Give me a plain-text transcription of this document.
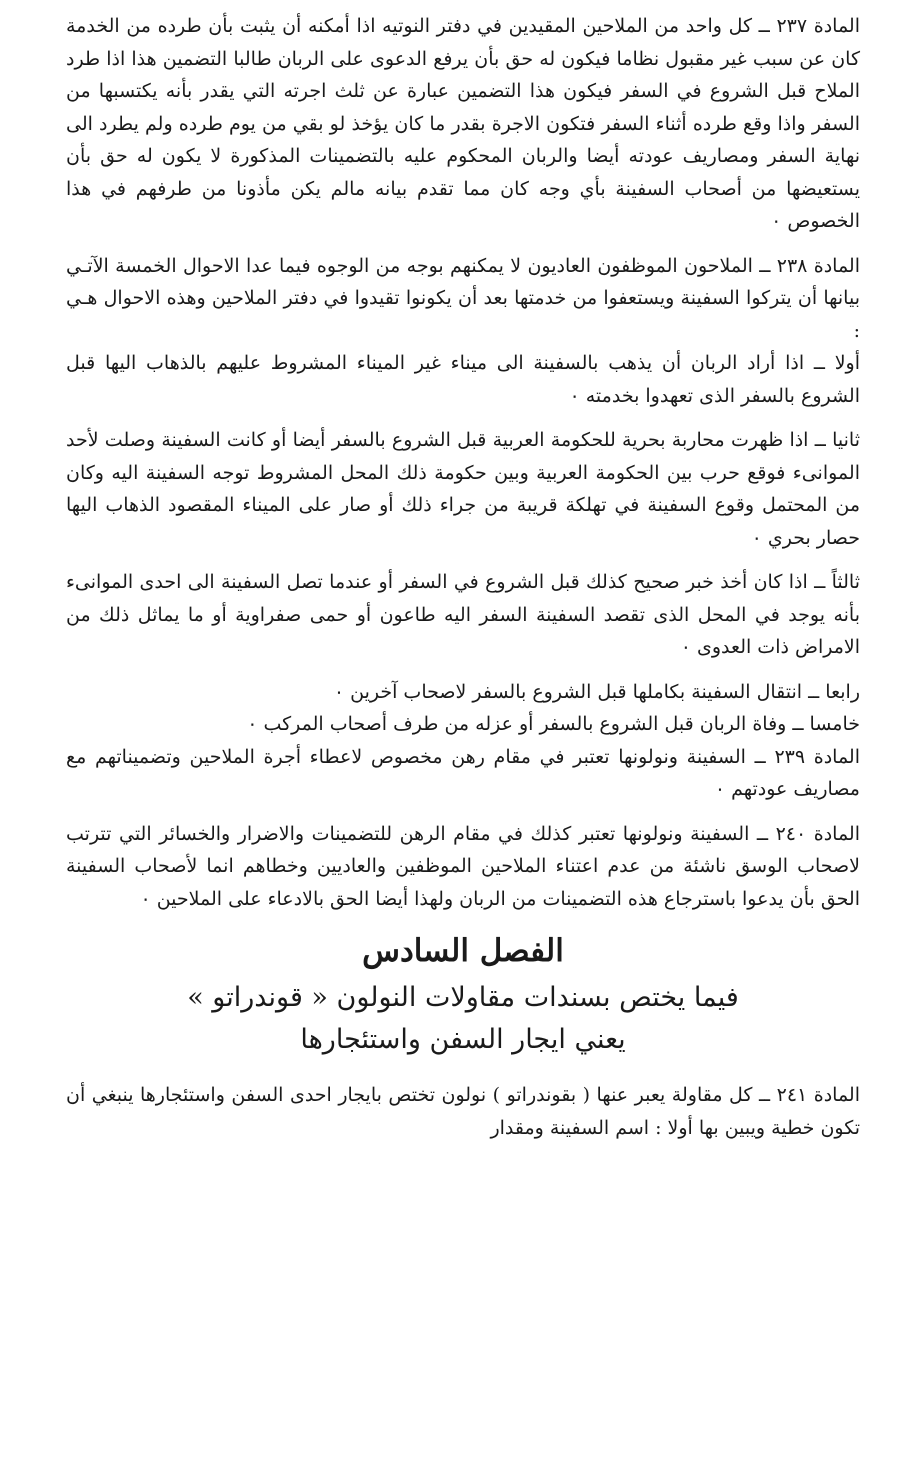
المادة ٢٣٧ ــ كل واحد من الملاحين المقيدين في دفتر النوتيه اذا أمكنه أن يثبت بأن طرده من الخدمة كان عن سبب غير مقبول نظاما فيكون له حق بأن يرفع الدعوى على الربان طالبا التضمين هذا اذا طرد الملاح قبل الشروع في السفر فيكون هذا التضمين عبارة عن ثلث اجرته التي يقدر بأنه يكتسبها من السفر واذا وقع طرده أثناء السفر فتكون الاجرة بقدر ما كان يؤخذ لو بقي من يوم طرده ولم يطرد الى نهاية السفر ومصاريف عودته أيضا والربان المحكوم عليه بالتضمينات المذكورة لا يكون له حق بأن يستعيضها من أصحاب السفينة بأي وجه كان مما تقدم بيانه مالم يكن مأذونا من طرفهم في هذا الخصوص ٠

المادة ٢٣٨ ــ الملاحون الموظفون العاديون لا يمكنهم بوجه من الوجوه فيما عدا الاحوال الخمسة الآتـي بيانها أن يتركوا السفينة ويستعفوا من خدمتها بعد أن يكونوا تقيدوا في دفتر الملاحين وهذه الاحوال هـي :

أولا ــ اذا أراد الربان أن يذهب بالسفينة الى ميناء غير الميناء المشروط عليهم بالذهاب اليها قبل الشروع بالسفر الذى تعهدوا بخدمته ٠

ثانيا ــ اذا ظهرت محاربة بحرية للحكومة العربية قبل الشروع بالسفر أيضا أو كانت السفينة وصلت لأحد الموانىء فوقع حرب بين الحكومة العربية وبين حكومة ذلك المحل المشروط توجه السفينة اليه وكان من المحتمل وقوع السفينة في تهلكة قريبة من جراء ذلك أو صار على الميناء المقصود الذهاب اليها حصار بحري ٠

ثالثاً ــ اذا كان أخذ خبر صحيح كذلك قبل الشروع في السفر أو عندما تصل السفينة الى احدى الموانىء بأنه يوجد في المحل الذى تقصد السفينة السفر اليه طاعون أو حمى صفراوية أو ما يماثل ذلك من الامراض ذات العدوى ٠

رابعا ــ انتقال السفينة بكاملها قبل الشروع بالسفر لاصحاب آخرين ٠

خامسا ــ وفاة الربان قبل الشروع بالسفر أو عزله من طرف أصحاب المركب ٠

المادة ٢٣٩ ــ السفينة ونولونها تعتبر في مقام رهن مخصوص لاعطاء أجرة الملاحين وتضميناتهم مع مصاريف عودتهم ٠

المادة ٢٤٠ ــ السفينة ونولونها تعتبر كذلك في مقام الرهن للتضمينات والاضرار والخسائر التي تترتب لاصحاب الوسق ناشئة من عدم اعتناء الملاحين الموظفين والعاديين وخطاهم انما لأصحاب السفينة الحق بأن يدعوا باسترجاع هذه التضمينات من الربان ولهذا أيضا الحق بالادعاء على الملاحين ٠

الفصل السادس

فيما يختص بسندات مقاولات النولون « قوندراتو »

يعني ايجار السفن واستئجارها

المادة ٢٤١ ــ كل مقاولة يعبر عنها ( بقوندراتو ) نولون تختص بايجار احدى السفن واستئجارها ينبغي أن تكون خطية ويبين بها أولا : اسم السفينة ومقدار
